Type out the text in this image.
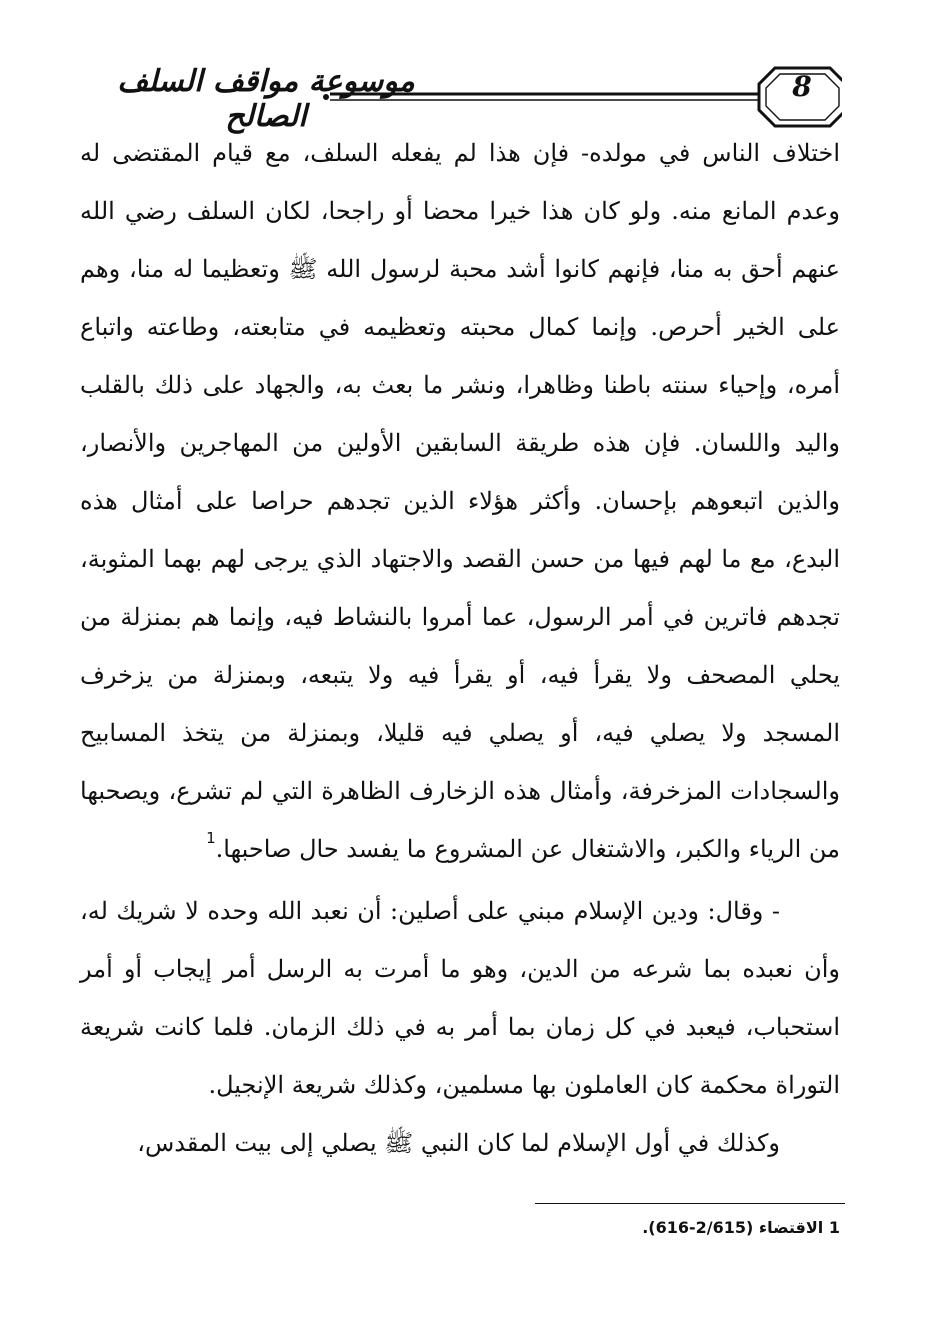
موسوعة مواقف السلف الصالح
8

اختلاف الناس في مولده- فإن هذا لم يفعله السلف، مع قيام المقتضى له وعدم المانع منه. ولو كان هذا خيرا محضا أو راجحا، لكان السلف رضي الله عنهم أحق به منا، فإنهم كانوا أشد محبة لرسول الله ﷺ وتعظيما له منا، وهم على الخير أحرص. وإنما كمال محبته وتعظيمه في متابعته، وطاعته واتباع أمره، وإحياء سنته باطنا وظاهرا، ونشر ما بعث به، والجهاد على ذلك بالقلب واليد واللسان. فإن هذه طريقة السابقين الأولين من المهاجرين والأنصار، والذين اتبعوهم بإحسان. وأكثر هؤلاء الذين تجدهم حراصا على أمثال هذه البدع، مع ما لهم فيها من حسن القصد والاجتهاد الذي يرجى لهم بهما المثوبة، تجدهم فاترين في أمر الرسول، عما أمروا بالنشاط فيه، وإنما هم بمنزلة من يحلي المصحف ولا يقرأ فيه، أو يقرأ فيه ولا يتبعه، وبمنزلة من يزخرف المسجد ولا يصلي فيه، أو يصلي فيه قليلا، وبمنزلة من يتخذ المسابيح والسجادات المزخرفة، وأمثال هذه الزخارف الظاهرة التي لم تشرع، ويصحبها من الرياء والكبر، والاشتغال عن المشروع ما يفسد حال صاحبها.$^1$

- وقال: ودين الإسلام مبني على أصلين: أن نعبد الله وحده لا شريك له، وأن نعبده بما شرعه من الدين، وهو ما أمرت به الرسل أمر إيجاب أو أمر استحباب، فيعبد في كل زمان بما أمر به في ذلك الزمان. فلما كانت شريعة التوراة محكمة كان العاملون بها مسلمين، وكذلك شريعة الإنجيل.

وكذلك في أول الإسلام لما كان النبي ﷺ يصلي إلى بيت المقدس،

1 الاقتضاء (2/615-616).
